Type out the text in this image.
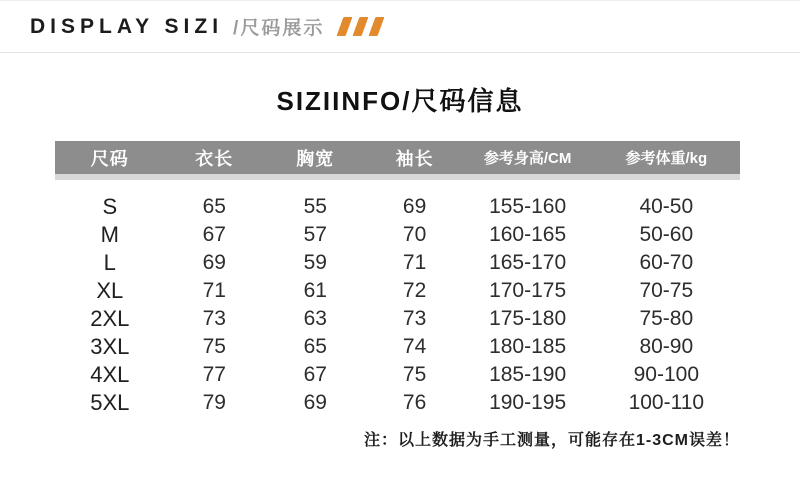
DISPLAY SIZI /尺码展示
SIZIINFO/尺码信息
尺码	衣长	胸宽	袖长	参考身高/CM	参考体重/kg
S	65	55	69	155-160	40-50
M	67	57	70	160-165	50-60
L	69	59	71	165-170	60-70
XL	71	61	72	170-175	70-75
2XL	73	63	73	175-180	75-80
3XL	75	65	74	180-185	80-90
4XL	77	67	75	185-190	90-100
5XL	79	69	76	190-195	100-110
注：以上数据为手工测量，可能存在1-3CM误差！
